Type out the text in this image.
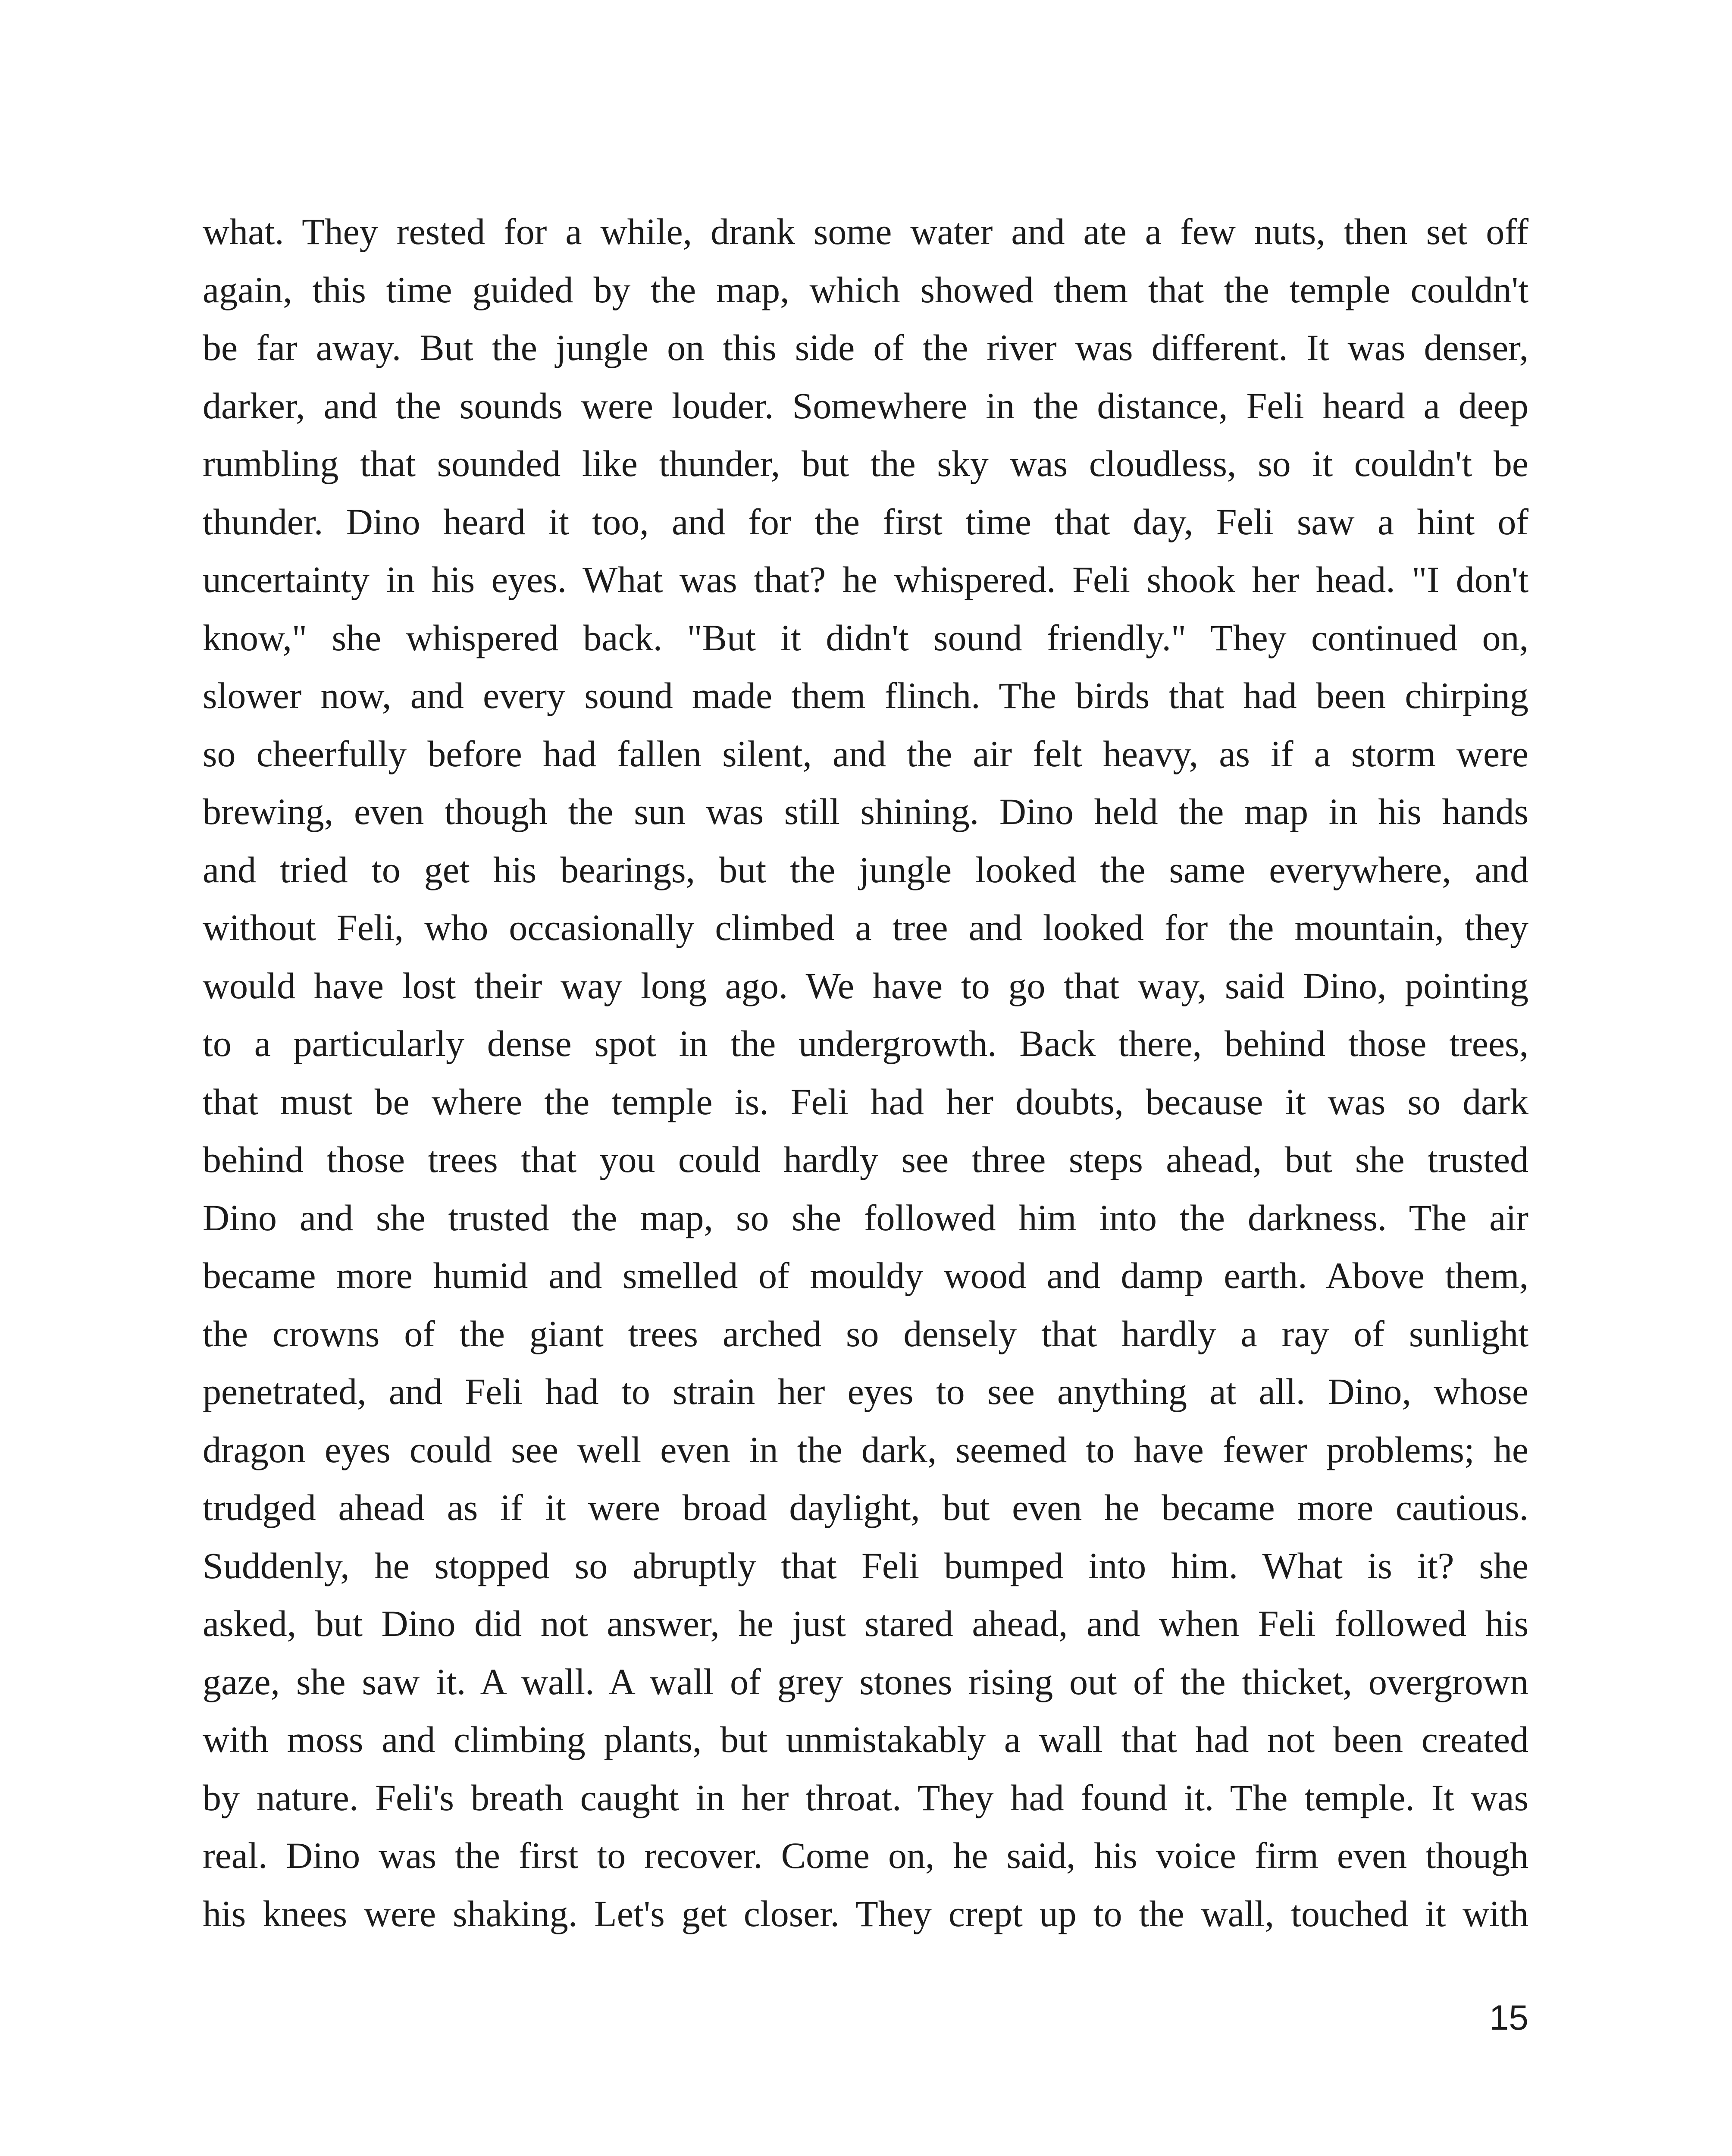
what. They rested for a while, drank some water and ate a few nuts, then set off
again, this time guided by the map, which showed them that the temple couldn't
be far away. But the jungle on this side of the river was different. It was denser,
darker, and the sounds were louder. Somewhere in the distance, Feli heard a deep
rumbling that sounded like thunder, but the sky was cloudless, so it couldn't be
thunder. Dino heard it too, and for the first time that day, Feli saw a hint of
uncertainty in his eyes. What was that? he whispered. Feli shook her head. "I don't
know," she whispered back. "But it didn't sound friendly." They continued on,
slower now, and every sound made them flinch. The birds that had been chirping
so cheerfully before had fallen silent, and the air felt heavy, as if a storm were
brewing, even though the sun was still shining. Dino held the map in his hands
and tried to get his bearings, but the jungle looked the same everywhere, and
without Feli, who occasionally climbed a tree and looked for the mountain, they
would have lost their way long ago. We have to go that way, said Dino, pointing
to a particularly dense spot in the undergrowth. Back there, behind those trees,
that must be where the temple is. Feli had her doubts, because it was so dark
behind those trees that you could hardly see three steps ahead, but she trusted
Dino and she trusted the map, so she followed him into the darkness. The air
became more humid and smelled of mouldy wood and damp earth. Above them,
the crowns of the giant trees arched so densely that hardly a ray of sunlight
penetrated, and Feli had to strain her eyes to see anything at all. Dino, whose
dragon eyes could see well even in the dark, seemed to have fewer problems; he
trudged ahead as if it were broad daylight, but even he became more cautious.
Suddenly, he stopped so abruptly that Feli bumped into him. What is it? she
asked, but Dino did not answer, he just stared ahead, and when Feli followed his
gaze, she saw it. A wall. A wall of grey stones rising out of the thicket, overgrown
with moss and climbing plants, but unmistakably a wall that had not been created
by nature. Feli's breath caught in her throat. They had found it. The temple. It was
real. Dino was the first to recover. Come on, he said, his voice firm even though
his knees were shaking. Let's get closer. They crept up to the wall, touched it with
15
